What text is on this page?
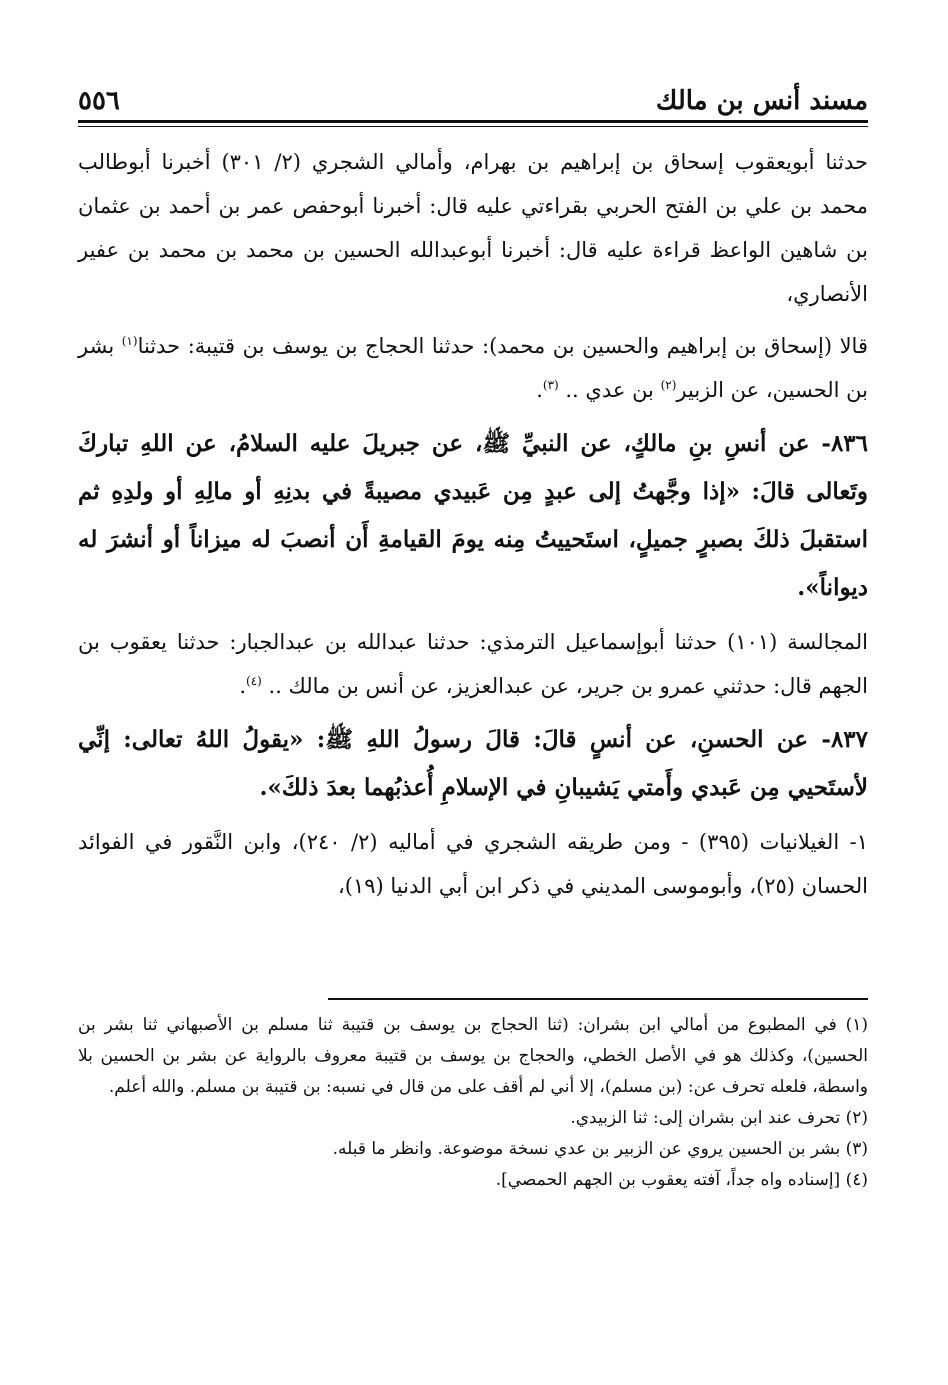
مسند أنس بن مالك
٥٥٦

حدثنا أبويعقوب إسحاق بن إبراهيم بن بهرام، وأمالي الشجري (٢/ ٣٠١) أخبرنا أبوطالب محمد بن علي بن الفتح الحربي بقراءتي عليه قال: أخبرنا أبوحفص عمر بن أحمد بن عثمان بن شاهين الواعظ قراءة عليه قال: أخبرنا أبوعبدالله الحسين بن محمد بن محمد بن عفير الأنصاري،

قالا (إسحاق بن إبراهيم والحسين بن محمد): حدثنا الحجاج بن يوسف بن قتيبة: حدثنا$^{(١)}$ بشر بن الحسين، عن الزبير$^{(٢)}$ بن عدي .. $^{(٣)}$.

٨٣٦- عن أنسِ بنِ مالكٍ، عن النبيِّ ﷺ، عن جبريلَ عليه السلامُ، عن اللهِ تباركَ وتَعالى قالَ: «إذا وجَّهتُ إلى عبدٍ مِن عَبيدي مصيبةً في بدنِهِ أو مالِهِ أو ولدِهِ ثم استقبلَ ذلكَ بصبرٍ جميلٍ، استَحييتُ مِنه يومَ القيامةِ أَن أنصبَ له ميزاناً أو أنشرَ له ديواناً».

المجالسة (١٠١) حدثنا أبوإسماعيل الترمذي: حدثنا عبدالله بن عبدالجبار: حدثنا يعقوب بن الجهم قال: حدثني عمرو بن جرير، عن عبدالعزيز، عن أنس بن مالك .. $^{(٤)}$.

٨٣٧- عن الحسنِ، عن أنسٍ قالَ: قالَ رسولُ اللهِ ﷺ: «يقولُ اللهُ تعالى: إنِّي لأستَحيي مِن عَبدي وأَمتي يَشيبانِ في الإسلامِ أُعذبُهما بعدَ ذلكَ».

١- الغيلانيات (٣٩٥) - ومن طريقه الشجري في أماليه (٢/ ٢٤٠)، وابن النَّقور في الفوائد الحسان (٢٥)، وأبوموسى المديني في ذكر ابن أبي الدنيا (١٩)،

(١) في المطبوع من أمالي ابن بشران: (ثنا الحجاج بن يوسف بن قتيبة ثنا مسلم بن الأصبهاني ثنا بشر بن الحسين)، وكذلك هو في الأصل الخطي، والحجاج بن يوسف بن قتيبة معروف بالرواية عن بشر بن الحسين بلا واسطة، فلعله تحرف عن: (بن مسلم)، إلا أني لم أقف على من قال في نسبه: بن قتيبة بن مسلم. والله أعلم.

(٢) تحرف عند ابن بشران إلى: ثنا الزبيدي.

(٣) بشر بن الحسين يروي عن الزبير بن عدي نسخة موضوعة. وانظر ما قبله.

(٤) [إسناده واه جداً، آفته يعقوب بن الجهم الحمصي].
